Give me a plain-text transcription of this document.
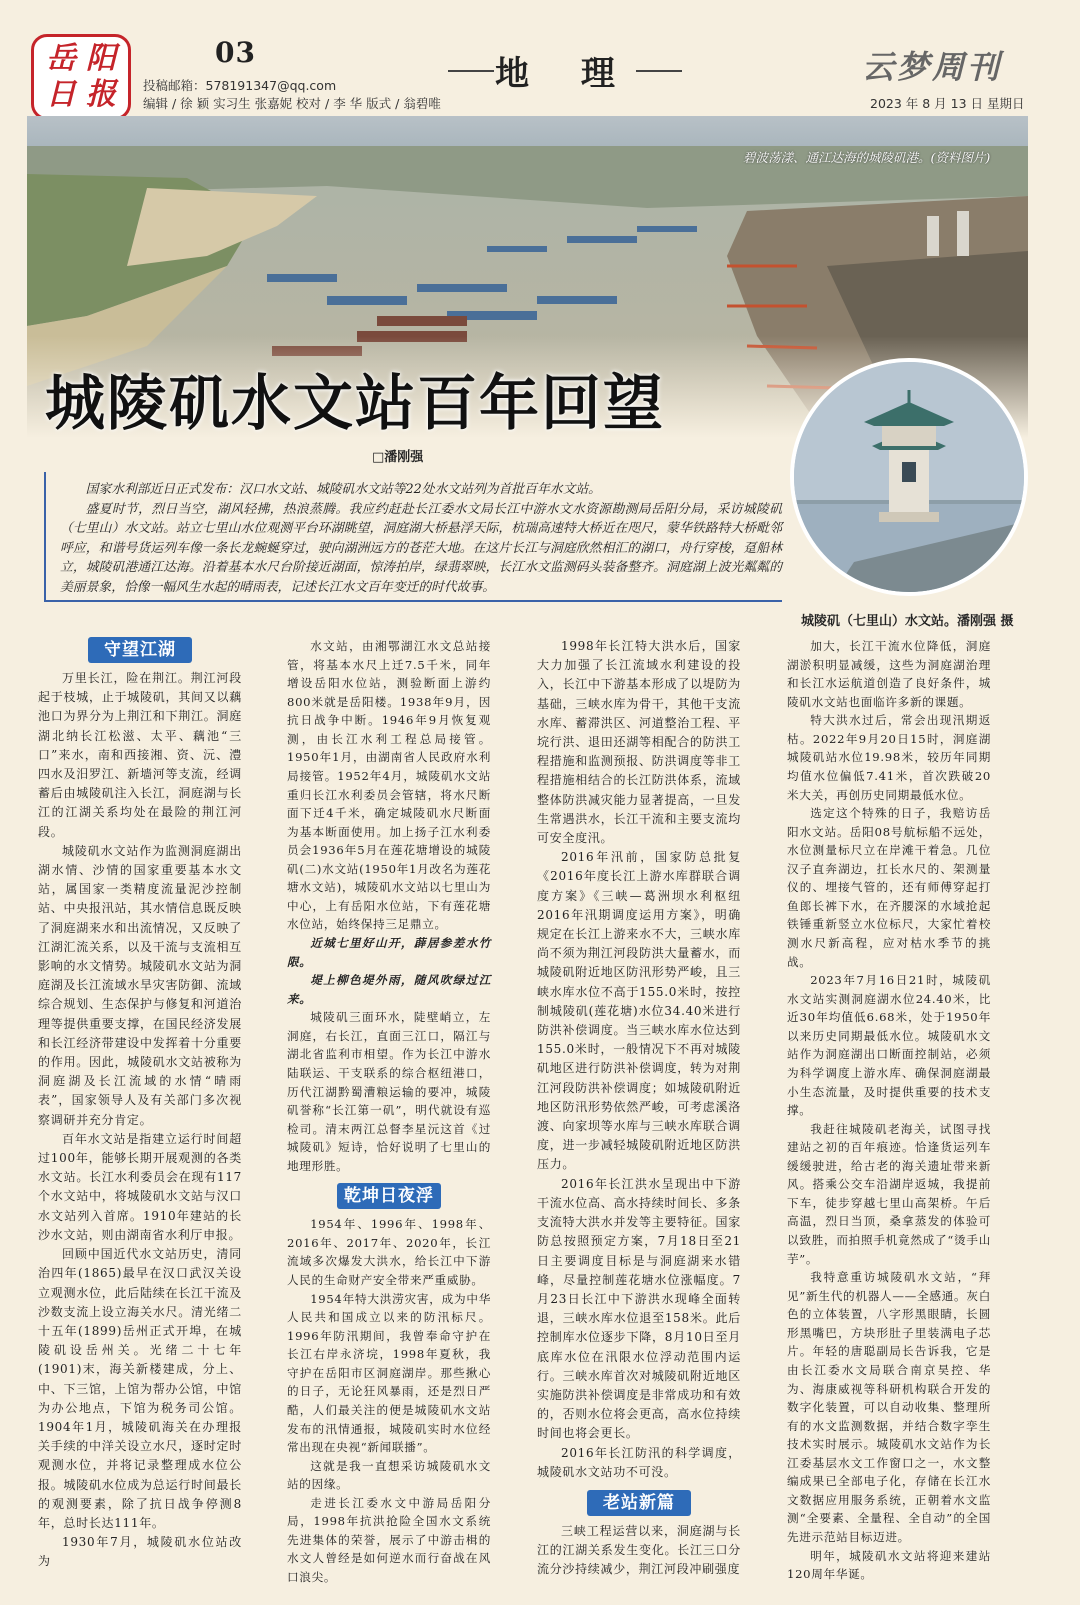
岳 阳
日 报
03
投稿邮箱：578191347@qq.com
编辑 / 徐 颖 实习生 张嘉妮 校对 / 李 华 版式 / 翁碧唯
地 理	云梦周刊
2023 年 8 月 13 日 星期日
碧波荡漾、通江达海的城陵矶港。(资料图片)
城陵矶水文站百年回望
□潘刚强
城陵矶（七里山）水文站。潘刚强 摄

国家水利部近日正式发布：汉口水文站、城陵矶水文站等22处水文站列为首批百年水文站。

盛夏时节，烈日当空，湖风轻拂，热浪蒸腾。我应约赶赴长江委水文局长江中游水文水资源勘测局岳阳分局，采访城陵矶（七里山）水文站。站立七里山水位观测平台环湖眺望，洞庭湖大桥悬浮天际，杭瑞高速特大桥近在咫尺，蒙华铁路特大桥毗邻呼应，和谐号货运列车像一条长龙蜿蜒穿过，驶向湖洲远方的苍茫大地。在这片长江与洞庭欣然相汇的湖口，舟行穿梭，趸船林立，城陵矶港通江达海。沿着基本水尺台阶接近湖面，惊涛拍岸，绿翡翠映，长江水文监测码头装备整齐。洞庭湖上波光粼粼的美丽景象，恰像一幅风生水起的晴雨表，记述长江水文百年变迁的时代故事。

守望江湖

万里长江，险在荆江。荆江河段起于枝城，止于城陵矶，其间又以藕池口为界分为上荆江和下荆江。洞庭湖北纳长江松滋、太平、藕池“三口”来水，南和西接湘、资、沅、澧四水及汨罗江、新墙河等支流，经调蓄后由城陵矶注入长江，洞庭湖与长江的江湖关系均处在最险的荆江河段。

城陵矶水文站作为监测洞庭湖出湖水情、沙情的国家重要基本水文站，属国家一类精度流量泥沙控制站、中央报汛站，其水情信息既反映了洞庭湖来水和出流情况，又反映了江湖汇流关系，以及干流与支流相互影响的水文情势。城陵矶水文站为洞庭湖及长江流域水旱灾害防御、流域综合规划、生态保护与修复和河道治理等提供重要支撑，在国民经济发展和长江经济带建设中发挥着十分重要的作用。因此，城陵矶水文站被称为洞庭湖及长江流域的水情“晴雨表”，国家领导人及有关部门多次视察调研并充分肯定。

百年水文站是指建立运行时间超过100年，能够长期开展观测的各类水文站。长江水利委员会在现有117个水文站中，将城陵矶水文站与汉口水文站列入首席。1910年建站的长沙水文站，则由湖南省水利厅申报。

回顾中国近代水文站历史，清同治四年(1865)最早在汉口武汉关设立观测水位，此后陆续在长江干流及沙数支流上设立海关水尺。清光绪二十五年(1899)岳州正式开埠，在城陵矶设岳州关。光绪二十七年(1901)末，海关新楼建成，分上、中、下三馆，上馆为帮办公馆，中馆为办公地点，下馆为税务司公馆。1904年1月，城陵矶海关在办理报关手续的中洋关设立水尺，逐时定时观测水位，并将记录整理成水位公报。城陵矶水位成为总运行时间最长的观测要素，除了抗日战争停测8年，总时长达111年。

1930年7月，城陵矶水位站改为

水文站，由湘鄂湖江水文总站接管，将基本水尺上迁7.5千米，同年增设岳阳水位站，测验断面上游约800米就是岳阳楼。1938年9月，因抗日战争中断。1946年9月恢复观测，由长江水利工程总局接管。1950年1月，由湖南省人民政府水利局接管。1952年4月，城陵矶水文站重归长江水利委员会管辖，将水尺断面下迁4千米，确定城陵矶水尺断面为基本断面使用。加上扬子江水利委员会1936年5月在莲花塘增设的城陵矶(二)水文站(1950年1月改名为莲花塘水文站)，城陵矶水文站以七里山为中心，上有岳阳水位站，下有莲花塘水位站，始终保持三足鼎立。

近城七里好山开，薜居参差水竹限。

堤上柳色堤外雨，随风吹绿过江来。

城陵矶三面环水，陡壁峭立，左洞庭，右长江，直面三江口，隔江与湖北省监利市相望。作为长江中游水陆联运、干支联系的综合枢纽港口，历代江湖黔蜀漕粮运输的要冲，城陵矶誉称“长江第一矶”，明代就设有巡检司。清末两江总督李星沅这首《过城陵矶》短诗，恰好说明了七里山的地理形胜。

乾坤日夜浮

1954年、1996年、1998年、2016年、2017年、2020年，长江流域多次爆发大洪水，给长江中下游人民的生命财产安全带来严重威胁。

1954年特大洪涝灾害，成为中华人民共和国成立以来的防汛标尺。1996年防汛期间，我曾奉命守护在长江右岸永济垸，1998年夏秋，我守护在岳阳市区洞庭湖岸。那些揪心的日子，无论狂风暴雨，还是烈日严酷，人们最关注的便是城陵矶水文站发布的汛情通报，城陵矶实时水位经常出现在央视“新闻联播”。

这就是我一直想采访城陵矶水文站的因缘。

走进长江委水文中游局岳阳分局，1998年抗洪抢险全国水文系统先进集体的荣誉，展示了中游击楫的水文人曾经是如何逆水而行奋战在风口浪尖。

1998年长江特大洪水后，国家大力加强了长江流域水利建设的投入，长江中下游基本形成了以堤防为基础，三峡水库为骨干，其他干支流水库、蓄滞洪区、河道整治工程、平垸行洪、退田还湖等相配合的防洪工程措施和监测预报、防洪调度等非工程措施相结合的长江防洪体系，流域整体防洪减灾能力显著提高，一旦发生常遇洪水，长江干流和主要支流均可安全度汛。

2016年汛前，国家防总批复《2016年度长江上游水库群联合调度方案》《三峡—葛洲坝水利枢纽2016年汛期调度运用方案》，明确规定在长江上游来水不大，三峡水库尚不须为荆江河段防洪大量蓄水，而城陵矶附近地区防汛形势严峻，且三峡水库水位不高于155.0米时，按控制城陵矶(莲花塘)水位34.40米进行防洪补偿调度。当三峡水库水位达到155.0米时，一般情况下不再对城陵矶地区进行防洪补偿调度，转为对荆江河段防洪补偿调度；如城陵矶附近地区防汛形势依然严峻，可考虑溪洛渡、向家坝等水库与三峡水库联合调度，进一步减轻城陵矶附近地区防洪压力。

2016年长江洪水呈现出中下游干流水位高、高水持续时间长、多条支流特大洪水并发等主要特征。国家防总按照预定方案，7月18日至21日主要调度目标是与洞庭湖来水错峰，尽量控制莲花塘水位涨幅度。7月23日长江中下游洪水现峰全面转退，三峡水库水位退至158米。此后控制库水位逐步下降，8月10日至月底库水位在汛限水位浮动范围内运行。三峡水库首次对城陵矶附近地区实施防洪补偿调度是非常成功和有效的，否则水位将会更高，高水位持续时间也将会更长。

2016年长江防汛的科学调度，城陵矶水文站功不可没。

老站新篇

三峡工程运营以来，洞庭湖与长江的江湖关系发生变化。长江三口分流分沙持续减少，荆江河段冲刷强度

加大，长江干流水位降低，洞庭湖淤积明显减缓，这些为洞庭湖治理和长江水运航道创造了良好条件，城陵矶水文站也面临许多新的课题。

特大洪水过后，常会出现汛期返枯。2022年9月20日15时，洞庭湖城陵矶站水位19.98米，较历年同期均值水位偏低7.41米，首次跌破20米大关，再创历史同期最低水位。

选定这个特殊的日子，我赔访岳阳水文站。岳阳08号航标船不远处，水位测量标尺立在岸滩干着急。几位汉子直奔湖边，扛长水尺的、架测量仪的、埋接气管的，还有师傅穿起打鱼郎长裤下水，在齐腰深的水域抢起铁锤重新竖立水位标尺，大家忙着校测水尺新高程，应对枯水季节的挑战。

2023年7月16日21时，城陵矶水文站实测洞庭湖水位24.40米，比近30年均值低6.68米，处于1950年以来历史同期最低水位。城陵矶水文站作为洞庭湖出口断面控制站，必须为科学调度上游水库、确保洞庭湖最小生态流量，及时提供重要的技术支撑。

我赶往城陵矶老海关，试图寻找建站之初的百年痕迹。恰逢货运列车缓缓驶进，给古老的海关遗址带来新风。搭乘公交车沿湖岸返城，我提前下车，徒步穿越七里山高架桥。午后高温，烈日当顶，桑拿蒸发的体验可以致胜，而拍照手机竟然成了“烫手山芋”。

我特意重访城陵矶水文站，“拜见”新生代的机器人——全感通。灰白色的立体装置，八字形黑眼睛，长圆形黑嘴巴，方块形肚子里装满电子芯片。年轻的唐聪副局长告诉我，它是由长江委水文局联合南京昊控、华为、海康威视等科研机构联合开发的数字化装置，可以自动收集、整理所有的水文监测数据，并结合数字孪生技术实时展示。城陵矶水文站作为长江委基层水文工作窗口之一，水文整编成果已全部电子化，存储在长江水文数据应用服务系统，正朝着水文监测“全要素、全量程、全自动”的全国先进示范站目标迈进。

明年，城陵矶水文站将迎来建站120周年华诞。
